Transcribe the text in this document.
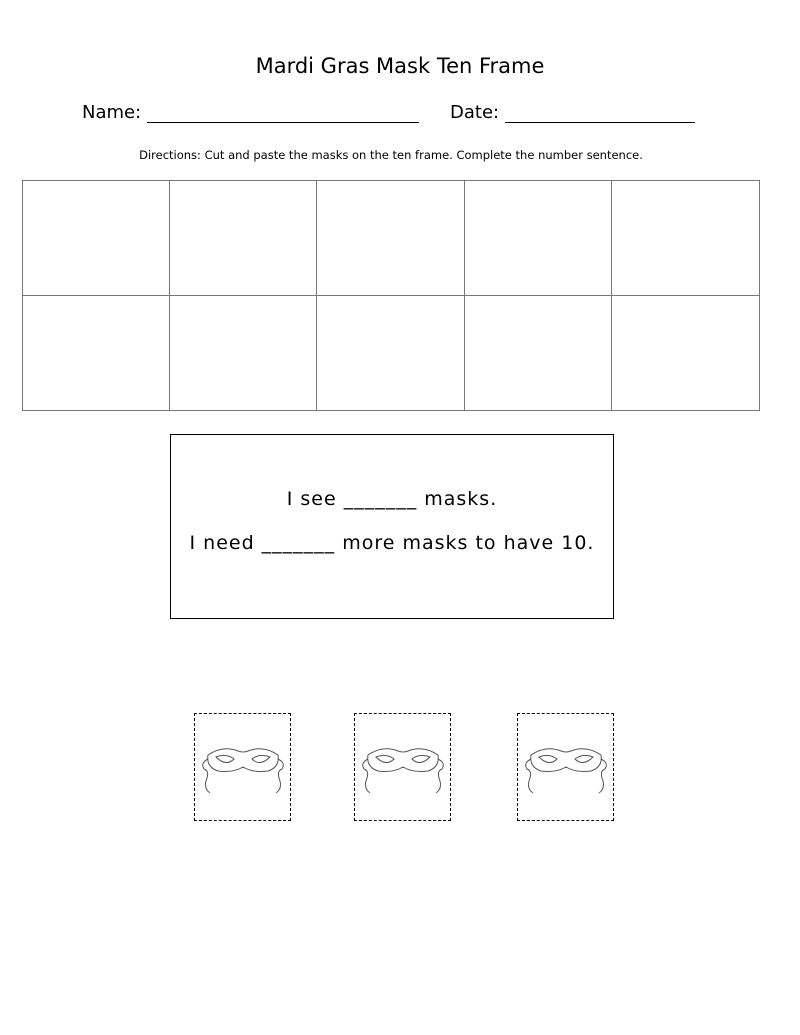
Mardi Gras Mask Ten Frame
Name:	Date:
Directions: Cut and paste the masks on the ten frame. Complete the number sentence.

I see _______ masks.

I need _______ more masks to have 10.
